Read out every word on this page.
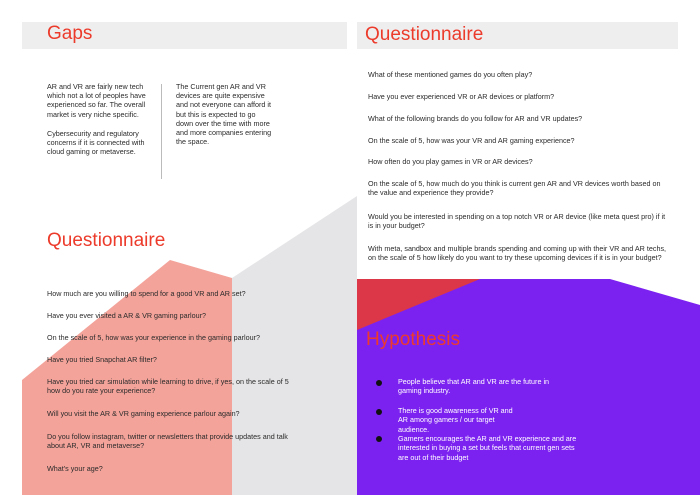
Gaps
AR and VR are fairly new tech which not a lot of peoples have experienced so far. The overall market is very niche specific.
Cybersecurity and regulatory concerns if it is connected with cloud gaming or metaverse.
The Current gen AR and VR devices are quite expensive and not everyone can afford it but this is expected to go down over the time with more and more companies entering the space.
Questionnaire
What of these mentioned games do you often play?
Have you ever experienced VR or AR devices or platform?
What of the following brands do you follow for AR and VR updates?
On the scale of 5, how was your VR and AR gaming experience?
How often do you play games in VR or AR devices?
On the scale of 5, how much do you think is current gen AR and VR devices worth based on the value and experience they provide?
Would you be interested in spending on a top notch VR or AR device (like meta quest pro) if it is in your budget?
With meta, sandbox and multiple brands spending and coming up with their VR and AR techs, on the scale of 5 how likely do you want to try these upcoming devices if it is in your budget?
Questionnaire
How much are you willing to spend for a good VR and AR set?
Have you ever visited a AR & VR gaming parlour?
On the scale of 5, how was your experience in the gaming parlour?
Have you tried Snapchat AR filter?
Have you tried car simulation while learning to drive, if yes, on the scale of 5 how do you rate your experience?
Will you visit the AR & VR gaming experience parlour again?
Do you follow instagram, twitter or newsletters that provide updates and talk about AR, VR and metaverse?
What's your age?
Hypothesis
People believe that AR and VR are the future in gaming industry.
There is good awareness of VR and AR among gamers / our target audience.
Gamers encourages the AR and VR experience and are interested in buying a set but feels that current gen sets are out of their budget
